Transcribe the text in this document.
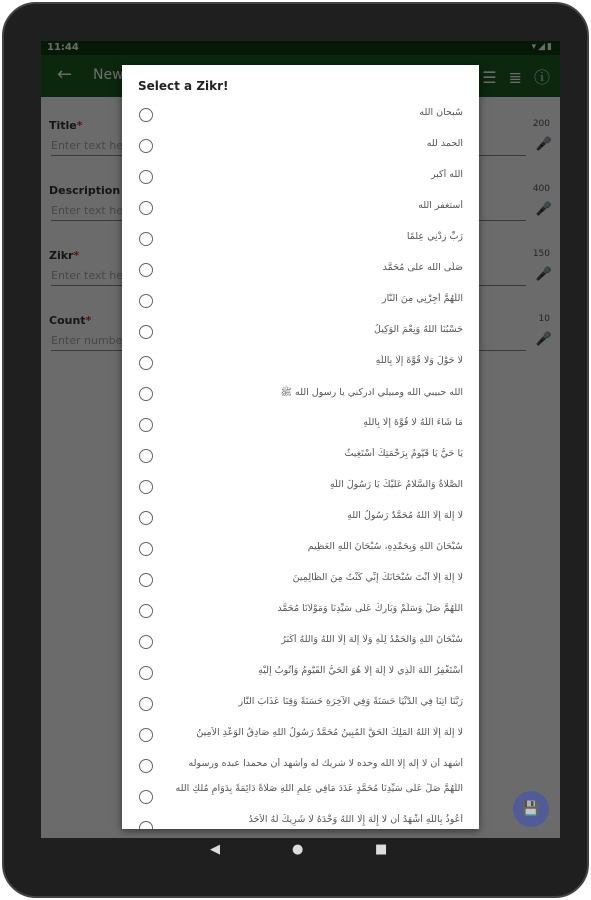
💾
Select a Zikr!
سُبحان الله
الحمد لله
الله أكبر
أستغفر الله
رَبِّ زِدْنِي عِلْمًا
صَلَّى الله على مُحَمَّد
اللَّهُمَّ أَجِرْنِي مِنَ النَّارِ
حَسْبُنَا اللهُ وَنِعْمَ الوَكِيلُ
لَا حَوْلَ وَلَا قُوَّةَ إِلَّا بِاللَّهِ
الله حبيبي الله ومبيلي ادركني يا رسول الله ﷺ
مَا شَاءَ اللَّهُ لَا قُوَّةَ إِلَّا بِاللَّهِ
يَا حَيُّ يَا قَيُّومُ بِرَحْمَتِكَ أَسْتَغِيثُ
الصَّلَاةُ وَالسَّلَامُ عَلَيْكَ يَا رَسُولَ اللَّهِ
لَا إِلَهَ إِلَّا اللهُ مُحَمَّدٌ رَسُولُ اللهِ
سُبْحَانَ اللهِ وَبِحَمْدِهِ، سُبْحَانَ اللهِ العَظِيمِ
لَا إِلَهَ إِلَّا أَنْتَ سُبْحَانَكَ إِنِّي كُنْتُ مِنَ الظَّالِمِينَ
اللَّهُمَّ صَلِّ وَسَلِّمْ وَبَارِكْ عَلَى سَيِّدِنَا وَمَوْلَانَا مُحَمَّد
سُبْحَانَ اللهِ وَالْحَمْدُ لِلَّهِ وَلَا إِلَهَ إِلَّا اللهُ وَاللهُ أَكْبَرُ
أَسْتَغْفِرُ اللهَ الَّذِي لَا إِلَهَ إِلَّا هُوَ الْحَيُّ الْقَيُّومُ وَأَتُوبُ إِلَيْهِ
رَبَّنَا آتِنَا فِي الدُّنْيَا حَسَنَةً وَفِي الآخِرَةِ حَسَنَةً وَقِنَا عَذَابَ النَّارِ
لَا إِلَهَ إِلَّا اللهُ الْمَلِكُ الْحَقُّ الْمُبِينُ مُحَمَّدٌ رَسُولُ اللهِ صَادِقُ الْوَعْدِ الْأَمِينُ
أشهد أن لا إله إلا الله وحده لا شريك له وأشهد أن محمدا عبده ورسوله
اللَّهُمَّ صَلِّ عَلَى سَيِّدِنَا مُحَمَّدٍ عَدَدَ مَافِي عِلْمِ اللهِ صَلَاةً دَائِمَةً بِدَوَامِ مُلْكِ الله
أَعُوذُ بِاللَّهِ أَشْهَدُ أَن لَا إِلَهَ إِلَّا اللهُ وَحْدَهُ لَا شَرِيكَ لَهُ الْأَحَدُ
◀	●	■
